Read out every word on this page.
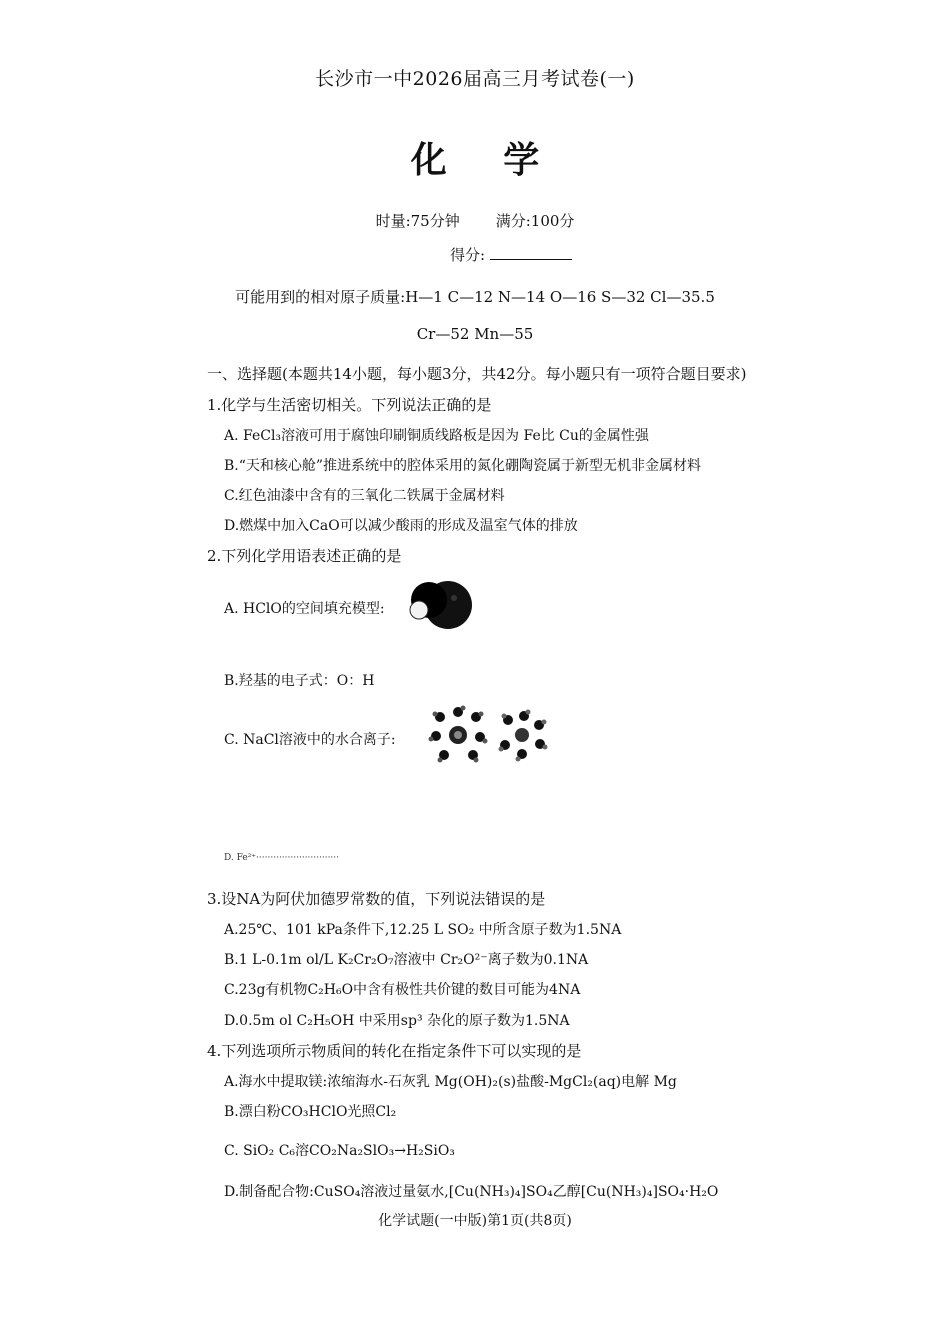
长沙市一中2026届高三月考试卷(一)
化 学
时量:75分钟 满分:100分
得分:
可能用到的相对原子质量:H—1 C—12 N—14 O—16 S—32 Cl—35.5
Cr—52 Mn—55
一、选择题(本题共14小题，每小题3分，共42分。每小题只有一项符合题目要求)
1.化学与生活密切相关。下列说法正确的是
A. FeCl₃溶液可用于腐蚀印刷铜质线路板是因为 Fe比 Cu的金属性强
B.“天和核心舱”推进系统中的腔体采用的氮化硼陶瓷属于新型无机非金属材料
C.红色油漆中含有的三氧化二铁属于金属材料
D.燃煤中加入CaO可以减少酸雨的形成及温室气体的排放
2.下列化学用语表述正确的是
A. HClO的空间填充模型:
B.羟基的电子式：O：H
C. NaCl溶液中的水合离子:
D. Fe²⁺·····························
3.设NA为阿伏加德罗常数的值，下列说法错误的是
A.25℃、101 kPa条件下,12.25 L SO₂ 中所含原子数为1.5NA
B.1 L-0.1m ol/L K₂Cr₂O₇溶液中 Cr₂O²⁻离子数为0.1NA
C.23g有机物C₂H₆O中含有极性共价键的数目可能为4NA
D.0.5m ol C₂H₅OH 中采用sp³ 杂化的原子数为1.5NA
4.下列选项所示物质间的转化在指定条件下可以实现的是
A.海水中提取镁:浓缩海水-石灰乳 Mg(OH)₂(s)盐酸-MgCl₂(aq)电解 Mg
B.漂白粉CO₃HClO光照Cl₂
C. SiO₂ C₆溶CO₂Na₂SlO₃→H₂SiO₃
D.制备配合物:CuSO₄溶液过量氨水,[Cu(NH₃)₄]SO₄乙醇[Cu(NH₃)₄]SO₄·H₂O
化学试题(一中版)第1页(共8页)
